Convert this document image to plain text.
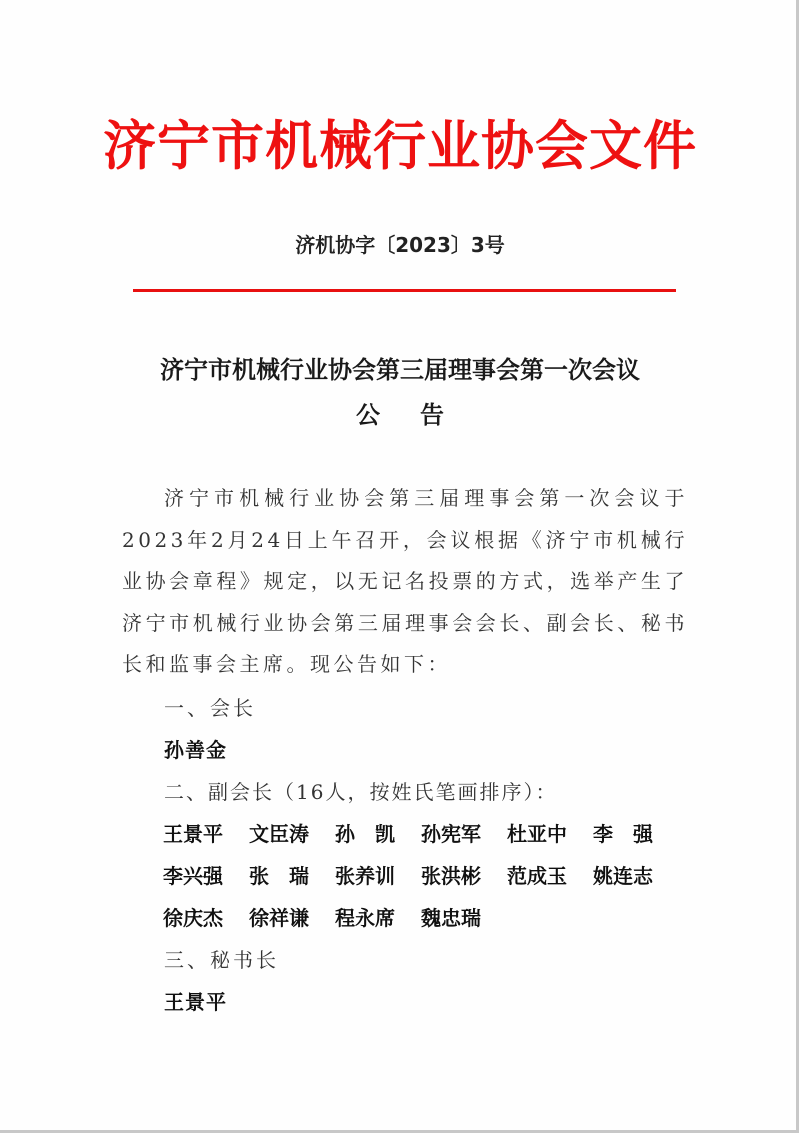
济宁市机械行业协会文件
济机协字〔2023〕3号
济宁市机械行业协会第三届理事会第一次会议
公 告
济宁市机械行业协会第三届理事会第一次会议于2023年2月24日上午召开，会议根据《济宁市机械行业协会章程》规定，以无记名投票的方式，选举产生了济宁市机械行业协会第三届理事会会长、副会长、秘书长和监事会主席。现公告如下：
一、会长
孙善金
二、副会长（16人，按姓氏笔画排序）：
王景平 文臣涛 孙　凯 孙宪军 杜亚中 李　强
李兴强 张　瑞 张养训 张洪彬 范成玉 姚连志
徐庆杰 徐祥谦 程永席 魏忠瑞
三、秘书长
王景平
